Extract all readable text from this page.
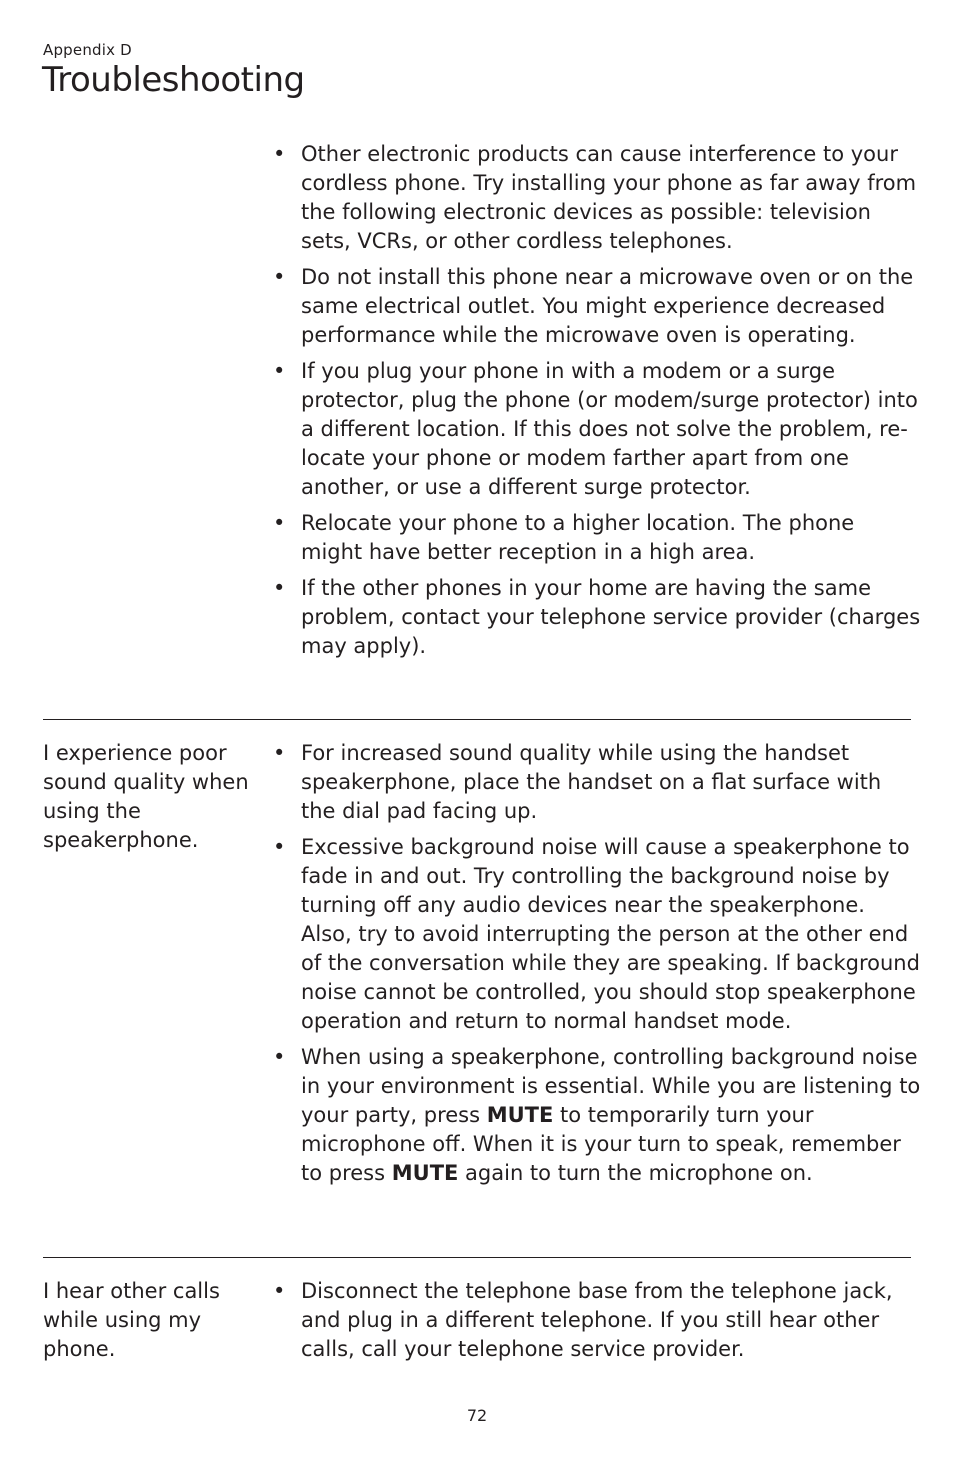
Appendix D
Troubleshooting
• Other electronic products can cause interference to your cordless phone. Try installing your phone as far away from the following electronic devices as possible: television sets, VCRs, or other cordless telephones.
• Do not install this phone near a microwave oven or on the same electrical outlet. You might experience decreased performance while the microwave oven is operating.
• If you plug your phone in with a modem or a surge protector, plug the phone (or modem/surge protector) into a different location. If this does not solve the problem, re-locate your phone or modem farther apart from one another, or use a different surge protector.
• Relocate your phone to a higher location. The phone might have better reception in a high area.
• If the other phones in your home are having the same problem, contact your telephone service provider (charges may apply).
I experience poor sound quality when using the speakerphone.
• For increased sound quality while using the handset speakerphone, place the handset on a flat surface with the dial pad facing up.
• Excessive background noise will cause a speakerphone to fade in and out. Try controlling the background noise by turning off any audio devices near the speakerphone. Also, try to avoid interrupting the person at the other end of the conversation while they are speaking. If background noise cannot be controlled, you should stop speakerphone operation and return to normal handset mode.
• When using a speakerphone, controlling background noise in your environment is essential. While you are listening to your party, press MUTE to temporarily turn your microphone off. When it is your turn to speak, remember to press MUTE again to turn the microphone on.
I hear other calls while using my phone.
• Disconnect the telephone base from the telephone jack, and plug in a different telephone. If you still hear other calls, call your telephone service provider.
72
